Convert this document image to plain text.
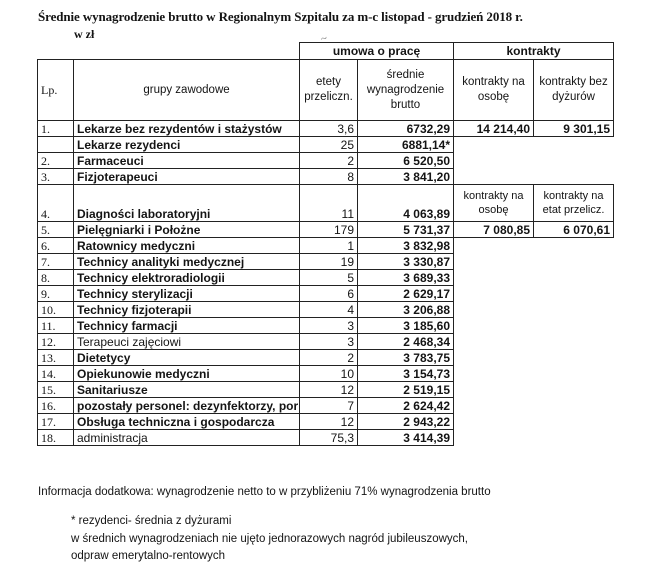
Średnie wynagrodzenie brutto w Regionalnym Szpitalu za m-c listopad - grudzień 2018 r.
w zł	~
		umowa o pracę		kontrakty	
Lp.	grupy zawodowe	etety przeliczn.	średnie wynagrodzenie brutto	kontrakty na osobę	kontrakty bez dyżurów
1.	Lekarze bez rezydentów i stażystów	3,6	6732,29	14 214,40	9 301,15
	Lekarze rezydenci	25	6881,14*		
2.	Farmaceuci	2	6 520,50		
3.	Fizjoterapeuci	8	3 841,20		
4.	Diagności laboratoryjni	11	4 063,89	kontrakty na osobę	kontrakty na etat przelicz.
5.	Pielęgniarki i Położne	179	5 731,37	7 080,85	6 070,61
6.	Ratownicy medyczni	1	3 832,98		
7.	Technicy analityki medycznej	19	3 330,87		
8.	Technicy elektroradiologii	5	3 689,33		
9.	Technicy sterylizacji	6	2 629,17		
10.	Technicy fizjoterapii	4	3 206,88		
11.	Technicy farmacji	3	3 185,60		
12.	Terapeuci zajęciowi	3	2 468,34		
13.	Dietetycy	2	3 783,75		
14.	Opiekunowie medyczni	10	3 154,73		
15.	Sanitariusze	12	2 519,15		
16.	pozostały personel: dezynfektorzy, por	7	2 624,42		
17.	Obsługa techniczna i gospodarcza	12	2 943,22		
18.	administracja	75,3	3 414,39		
Informacja dodatkowa: wynagrodzenie netto to w przybliżeniu 71% wynagrodzenia brutto
* rezydenci- średnia z dyżurami
w średnich wynagrodzeniach nie ujęto jednorazowych nagród jubileuszowych,
odpraw emerytalno-rentowych
